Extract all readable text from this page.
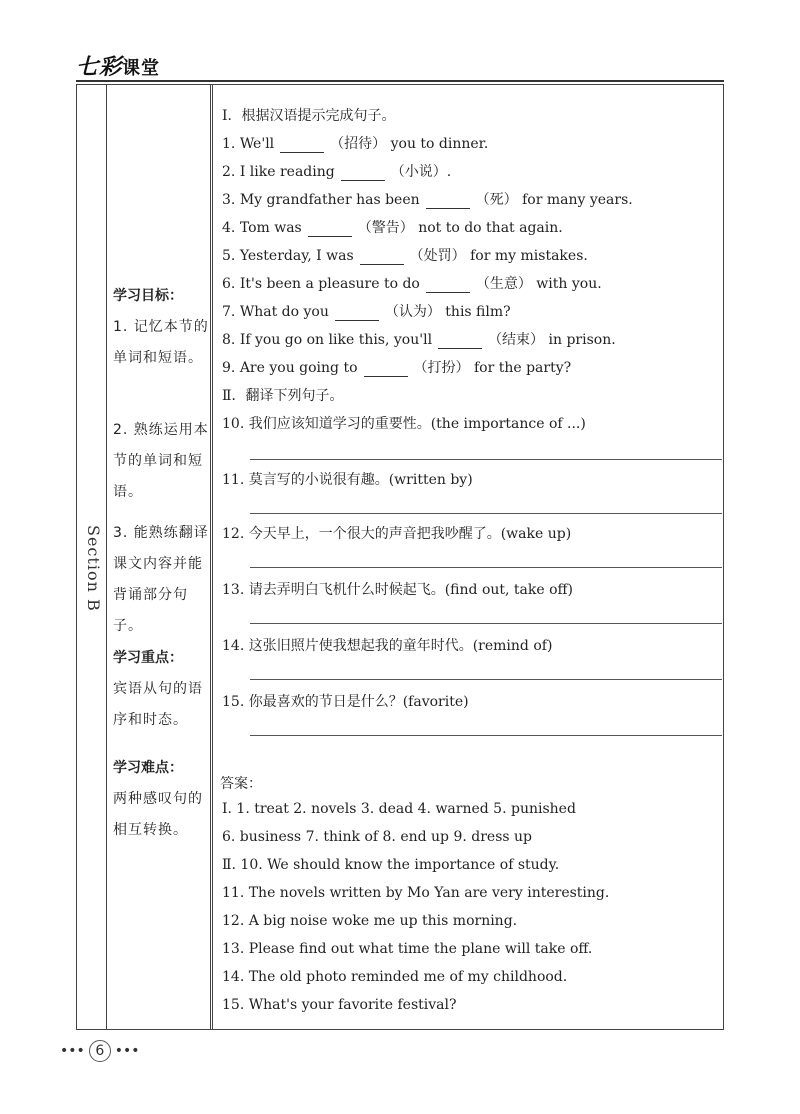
七彩课堂
Section B
学习目标：
1. 记忆本节的单词和短语。
2. 熟练运用本节的单词和短语。
3. 能熟练翻译课文内容并能背诵部分句子。
学习重点：
宾语从句的语序和时态。
学习难点：
两种感叹句的相互转换。
Ⅰ．根据汉语提示完成句子。
1. We'll	（招待） you to dinner.
2. I like reading	（小说）.
3. My grandfather has been	（死） for many years.
4. Tom was	（警告） not to do that again.
5. Yesterday, I was	（处罚） for my mistakes.
6. It's been a pleasure to do	（生意） with you.
7. What do you	（认为） this film?
8. If you go on like this, you'll	（结束） in prison.
9. Are you going to	（打扮） for the party?
Ⅱ．翻译下列句子。
10. 我们应该知道学习的重要性。(the importance of ...)
11. 莫言写的小说很有趣。(written by)
12. 今天早上，一个很大的声音把我吵醒了。(wake up)
13. 请去弄明白飞机什么时候起飞。(find out, take off)
14. 这张旧照片使我想起我的童年时代。(remind of)
15. 你最喜欢的节日是什么？(favorite)
答案：
Ⅰ. 1. treat 2. novels 3. dead 4. warned 5. punished
6. business 7. think of 8. end up 9. dress up
Ⅱ. 10. We should know the importance of study.
11. The novels written by Mo Yan are very interesting.
12. A big noise woke me up this morning.
13. Please find out what time the plane will take off.
14. The old photo reminded me of my childhood.
15. What's your favorite festival?
••• 6 •••
